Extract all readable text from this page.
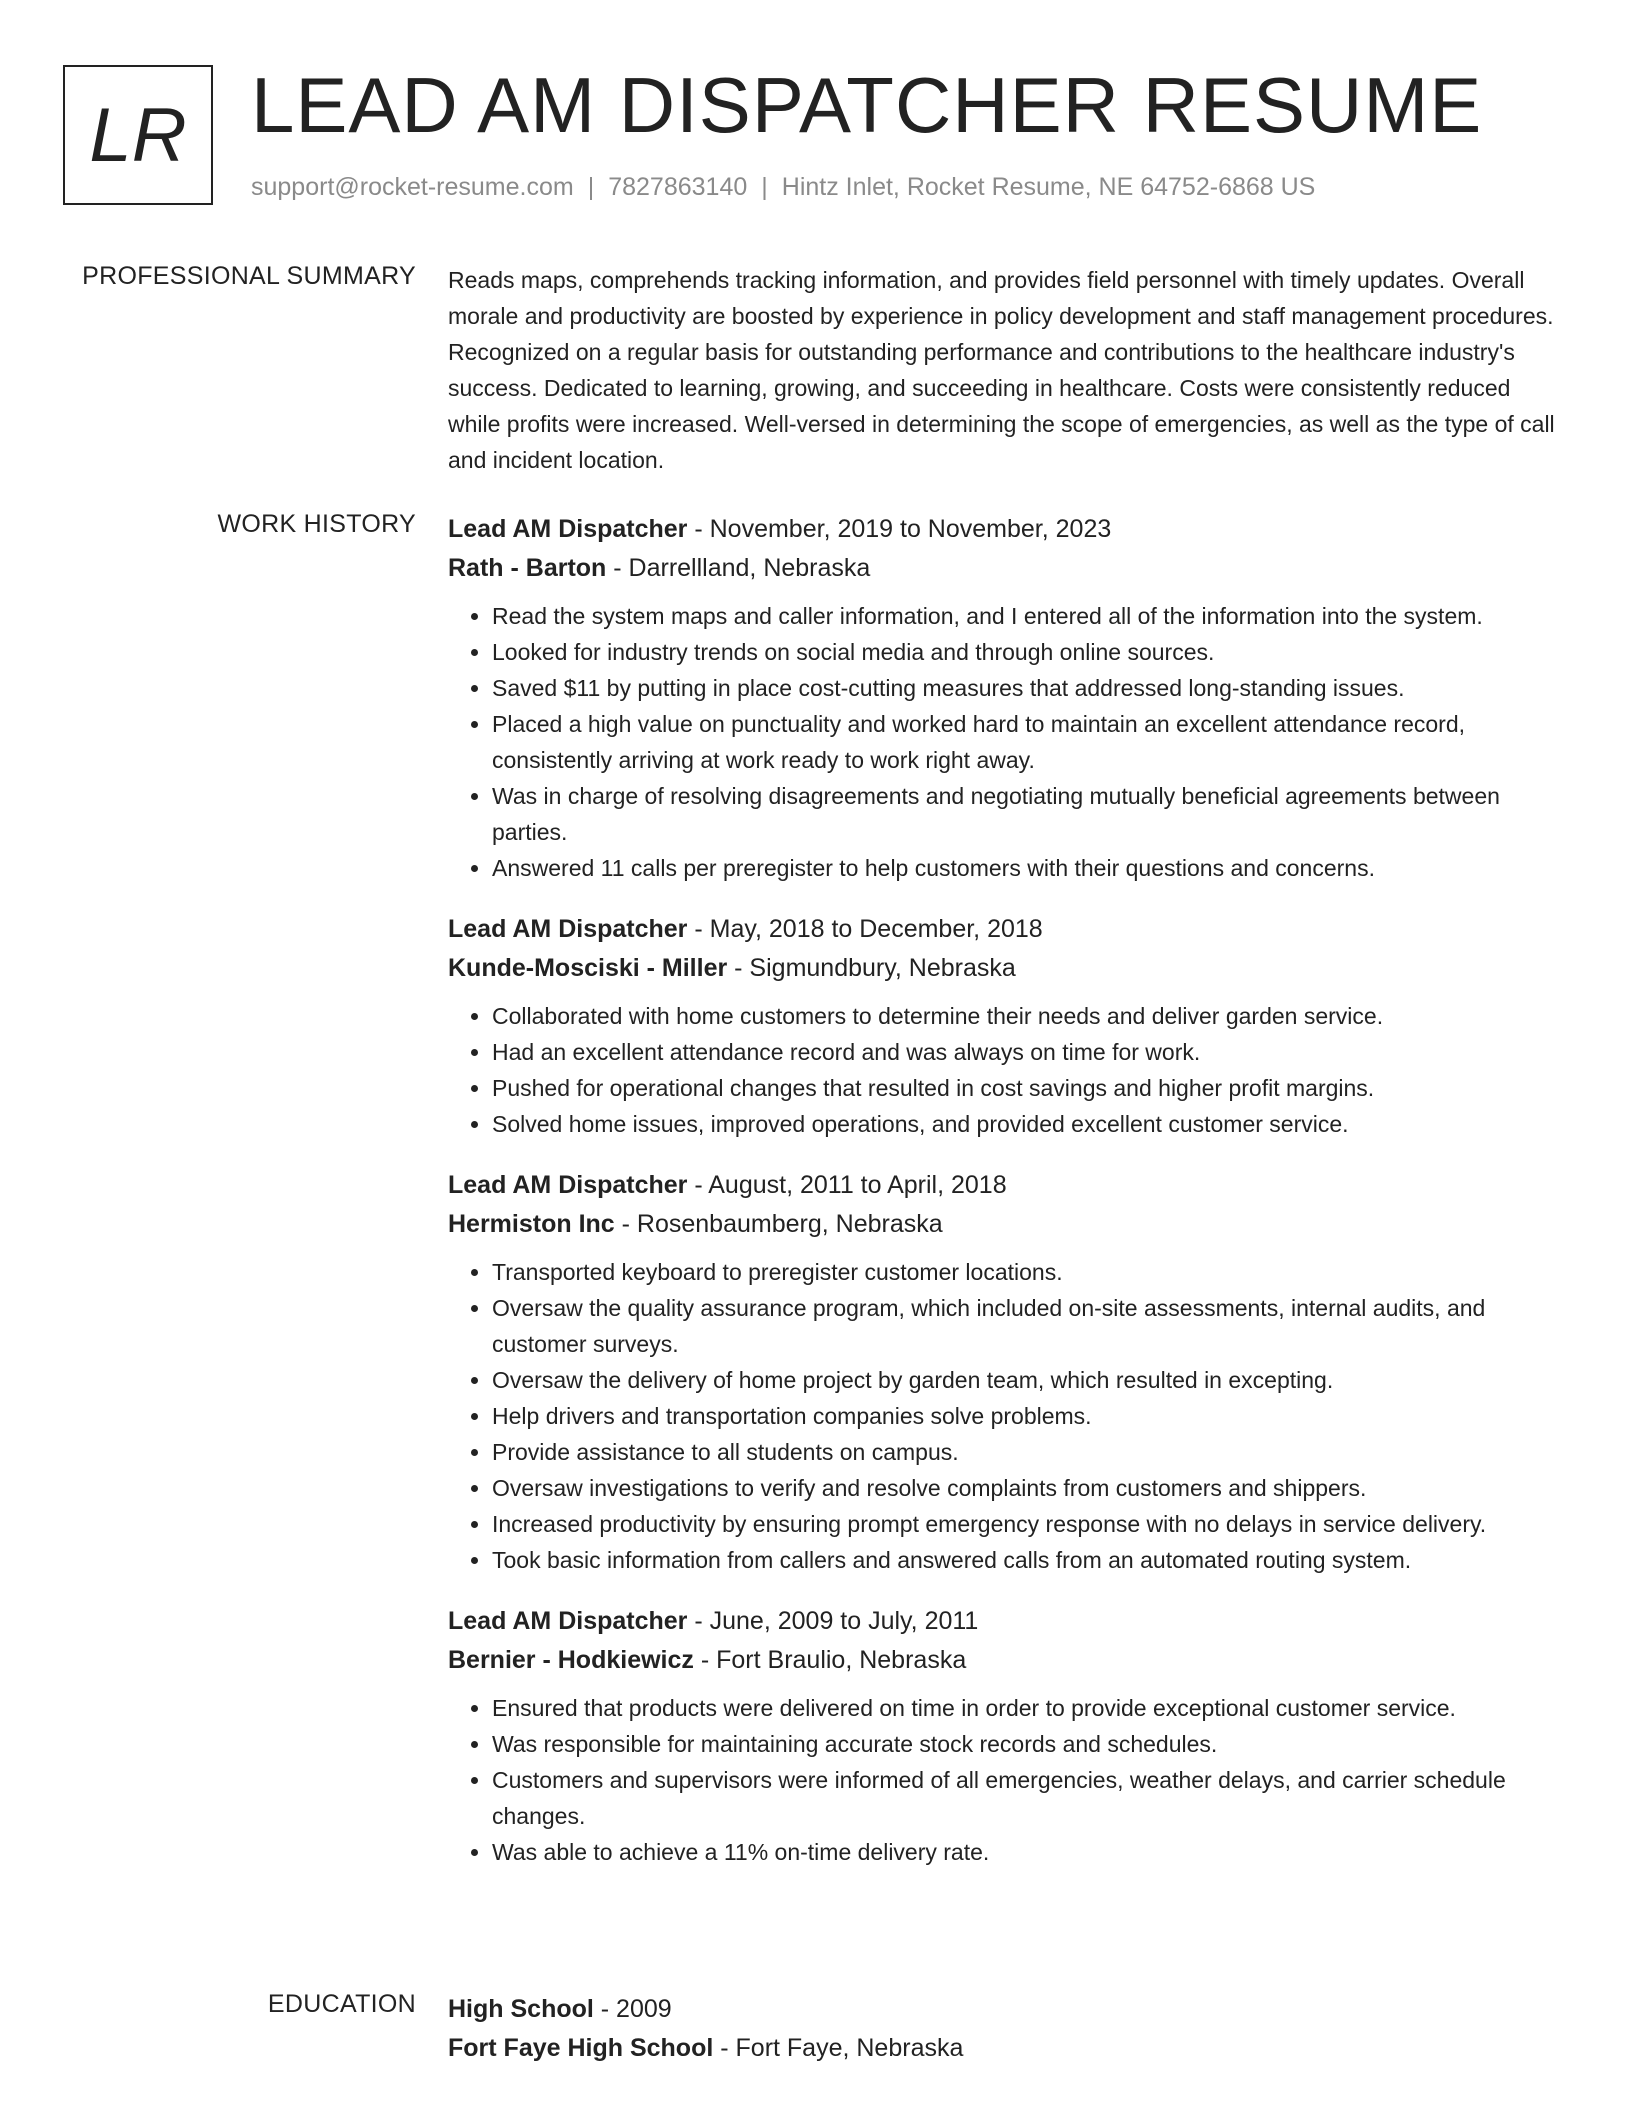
LR LEAD AM DISPATCHER RESUME
support@rocket-resume.com | 7827863140 | Hintz Inlet, Rocket Resume, NE 64752-6868 US
PROFESSIONAL SUMMARY Reads maps, comprehends tracking information, and provides field personnel with timely updates. Overall morale and productivity are boosted by experience in policy development and staff management procedures. Recognized on a regular basis for outstanding performance and contributions to the healthcare industry's success. Dedicated to learning, growing, and succeeding in healthcare. Costs were consistently reduced while profits were increased. Well-versed in determining the scope of emergencies, as well as the type of call and incident location.

WORK HISTORY Lead AM Dispatcher - November, 2019 to November, 2023
Rath - Barton - Darrellland, Nebraska
• Read the system maps and caller information, and I entered all of the information into the system.
• Looked for industry trends on social media and through online sources.
• Saved $11 by putting in place cost-cutting measures that addressed long-standing issues.
• Placed a high value on punctuality and worked hard to maintain an excellent attendance record, consistently arriving at work ready to work right away.
• Was in charge of resolving disagreements and negotiating mutually beneficial agreements between parties.
• Answered 11 calls per preregister to help customers with their questions and concerns.
Lead AM Dispatcher - May, 2018 to December, 2018
Kunde-Mosciski - Miller - Sigmundbury, Nebraska
• Collaborated with home customers to determine their needs and deliver garden service.
• Had an excellent attendance record and was always on time for work.
• Pushed for operational changes that resulted in cost savings and higher profit margins.
• Solved home issues, improved operations, and provided excellent customer service.
Lead AM Dispatcher - August, 2011 to April, 2018
Hermiston Inc - Rosenbaumberg, Nebraska
• Transported keyboard to preregister customer locations.
• Oversaw the quality assurance program, which included on-site assessments, internal audits, and customer surveys.
• Oversaw the delivery of home project by garden team, which resulted in excepting.
• Help drivers and transportation companies solve problems.
• Provide assistance to all students on campus.
• Oversaw investigations to verify and resolve complaints from customers and shippers.
• Increased productivity by ensuring prompt emergency response with no delays in service delivery.
• Took basic information from callers and answered calls from an automated routing system.
Lead AM Dispatcher - June, 2009 to July, 2011
Bernier - Hodkiewicz - Fort Braulio, Nebraska
• Ensured that products were delivered on time in order to provide exceptional customer service.
• Was responsible for maintaining accurate stock records and schedules.
• Customers and supervisors were informed of all emergencies, weather delays, and carrier schedule changes.
• Was able to achieve a 11% on-time delivery rate.
EDUCATION High School - 2009
Fort Faye High School - Fort Faye, Nebraska
